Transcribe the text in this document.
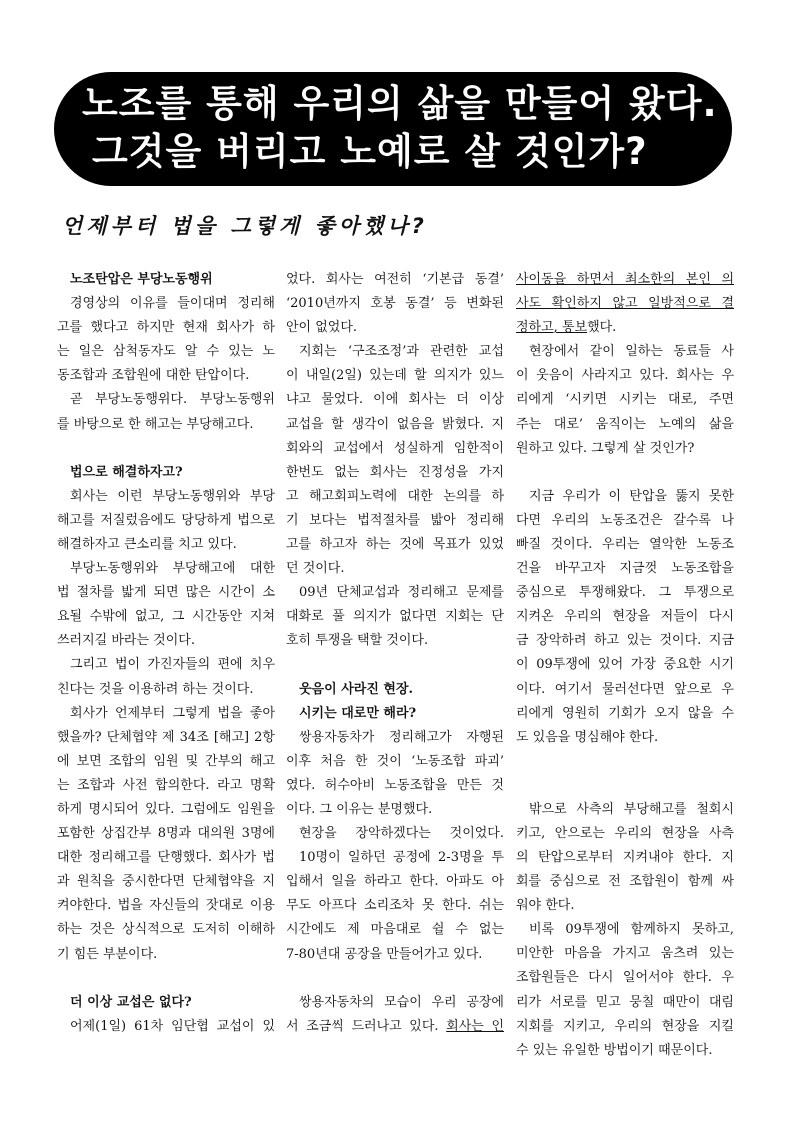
노조를 통해 우리의 삶을 만들어 왔다.
그것을 버리고 노예로 살 것인가?
언제부터 법을 그렇게 좋아했나?
노조탄압은 부당노동행위
경영상의 이유를 들이대며 정리해
고를 했다고 하지만 현재 회사가 하
는 일은 삼척동자도 알 수 있는 노
동조합과 조합원에 대한 탄압이다.
곧 부당노동행위다. 부당노동행위
를 바탕으로 한 해고는 부당해고다.
법으로 해결하자고?
회사는 이런 부당노동행위와 부당
해고를 저질렀음에도 당당하게 법으로
해결하자고 큰소리를 치고 있다.
부당노동행위와 부당해고에 대한
법 절차를 밟게 되면 많은 시간이 소
요될 수밖에 없고, 그 시간동안 지쳐
쓰러지길 바라는 것이다.
그리고 법이 가진자들의 편에 치우
친다는 것을 이용하려 하는 것이다.
회사가 언제부터 그렇게 법을 좋아
했을까? 단체협약 제 34조 [해고] 2항
에 보면 조합의 임원 및 간부의 해고
는 조합과 사전 합의한다. 라고 명확
하게 명시되어 있다. 그럼에도 임원을
포함한 상집간부 8명과 대의원 3명에
대한 정리해고를 단행했다. 회사가 법
과 원칙을 중시한다면 단체협약을 지
켜야한다. 법을 자신들의 잣대로 이용
하는 것은 상식적으로 도저히 이해하
기 힘든 부분이다.
더 이상 교섭은 없다?
어제(1일) 61차 임단협 교섭이 있
었다. 회사는 여전히 ‘기본급 동결’
‘2010년까지 호봉 동결’ 등 변화된
안이 없었다.
지회는 ‘구조조정’과 관련한 교섭
이 내일(2일) 있는데 할 의지가 있느
냐고 물었다. 이에 회사는 더 이상
교섭을 할 생각이 없음을 밝혔다. 지
회와의 교섭에서 성실하게 임한적이
한번도 없는 회사는 진정성을 가지
고 해고회피노력에 대한 논의를 하
기 보다는 법적절차를 밟아 정리해
고를 하고자 하는 것에 목표가 있었
던 것이다.
09년 단체교섭과 정리해고 문제를
대화로 풀 의지가 없다면 지회는 단
호히 투쟁을 택할 것이다.
웃음이 사라진 현장.
시키는 대로만 해라?
쌍용자동차가 정리해고가 자행된
이후 처음 한 것이 ‘노동조합 파괴’
였다. 허수아비 노동조합을 만든 것
이다. 그 이유는 분명했다.
현장을 장악하겠다는 것이었다.
10명이 일하던 공정에 2-3명을 투
입해서 일을 하라고 한다. 아파도 아
무도 아프다 소리조차 못 한다. 쉬는
시간에도 제 마음대로 쉴 수 없는
7-80년대 공장을 만들어가고 있다.
쌍용자동차의 모습이 우리 공장에
서 조금씩 드러나고 있다. 회사는 인
사이동을 하면서 최소한의 본인 의
사도 확인하지 않고 일방적으로 결
정하고, 통보했다.
현장에서 같이 일하는 동료들 사
이 웃음이 사라지고 있다. 회사는 우
리에게 ‘시키면 시키는 대로, 주면
주는 대로’ 움직이는 노예의 삶을
원하고 있다. 그렇게 살 것인가?
지금 우리가 이 탄압을 뚫지 못한
다면 우리의 노동조건은 갈수록 나
빠질 것이다. 우리는 열악한 노동조
건을 바꾸고자 지금껏 노동조합을
중심으로 투쟁해왔다. 그 투쟁으로
지켜온 우리의 현장을 저들이 다시
금 장악하려 하고 있는 것이다. 지금
이 09투쟁에 있어 가장 중요한 시기
이다. 여기서 물러선다면 앞으로 우
리에게 영원히 기회가 오지 않을 수
도 있음을 명심해야 한다.
밖으로 사측의 부당해고를 철회시
키고, 안으로는 우리의 현장을 사측
의 탄압으로부터 지켜내야 한다. 지
회를 중심으로 전 조합원이 함께 싸
워야 한다.
비록 09투쟁에 함께하지 못하고,
미안한 마음을 가지고 움츠려 있는
조합원들은 다시 일어서야 한다. 우
리가 서로를 믿고 뭉칠 때만이 대림
지회를 지키고, 우리의 현장을 지킬
수 있는 유일한 방법이기 때문이다.
